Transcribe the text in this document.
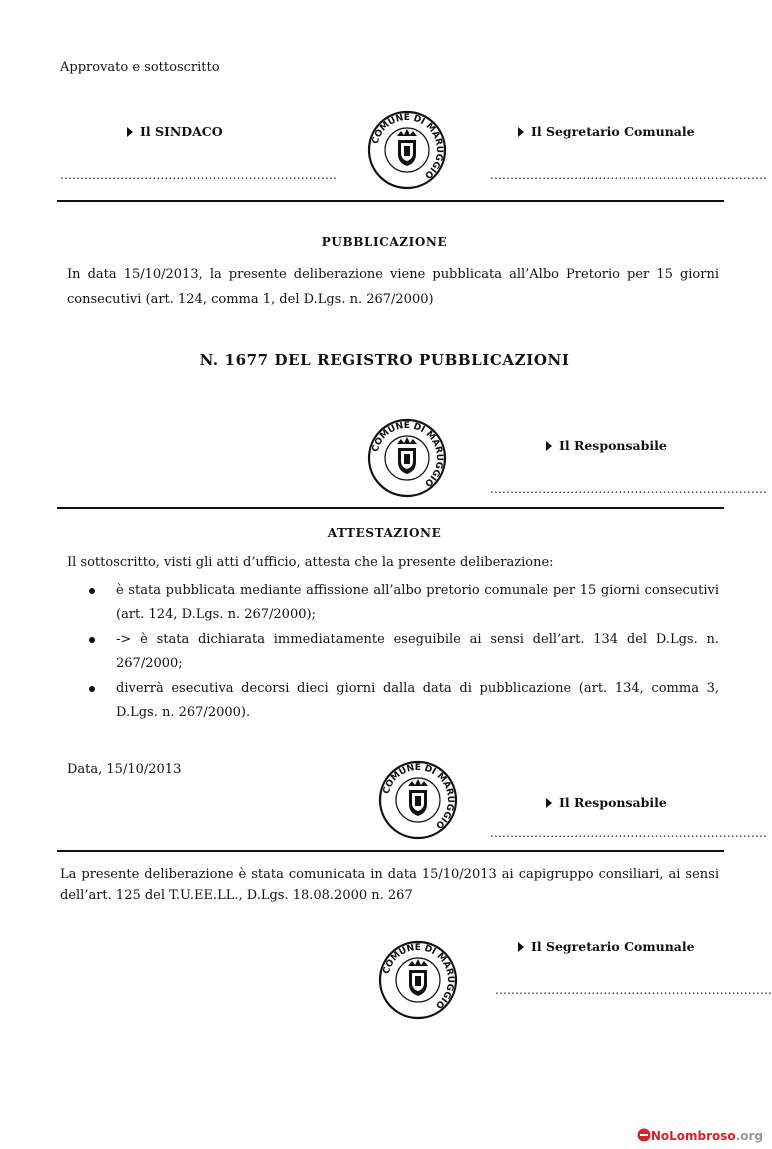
Approvato e sottoscritto
Il SINDACO	Il Segretario Comunale
.....................................................................	.....................................................................
COMUNE DI MARUGGIO
PUBBLICAZIONE
In data 15/10/2013, la presente deliberazione viene pubblicata all’Albo Pretorio per 15 giorni consecutivi (art. 124, comma 1, del D.Lgs. n. 267/2000)
N. 1677 DEL REGISTRO PUBBLICAZIONI
COMUNE DI MARUGGIO
Il Responsabile
.....................................................................
ATTESTAZIONE
Il sottoscritto, visti gli atti d’ufficio, attesta che la presente deliberazione:
è stata pubblicata mediante affissione all’albo pretorio comunale per 15 giorni consecutivi (art. 124, D.Lgs. n. 267/2000);
-> è stata dichiarata immediatamente eseguibile ai sensi dell’art. 134 del D.Lgs. n. 267/2000;
diverrà esecutiva decorsi dieci giorni dalla data di pubblicazione (art. 134, comma 3, D.Lgs. n. 267/2000).
Data, 15/10/2013
COMUNE DI MARUGGIO
Il Responsabile
.....................................................................
La presente deliberazione è stata comunicata in data 15/10/2013 ai capigruppo consiliari, ai sensi dell’art. 125 del T.U.EE.LL., D.Lgs. 18.08.2000 n. 267
COMUNE DI MARUGGIO
Il Segretario Comunale
.....................................................................
NoLombroso.org
